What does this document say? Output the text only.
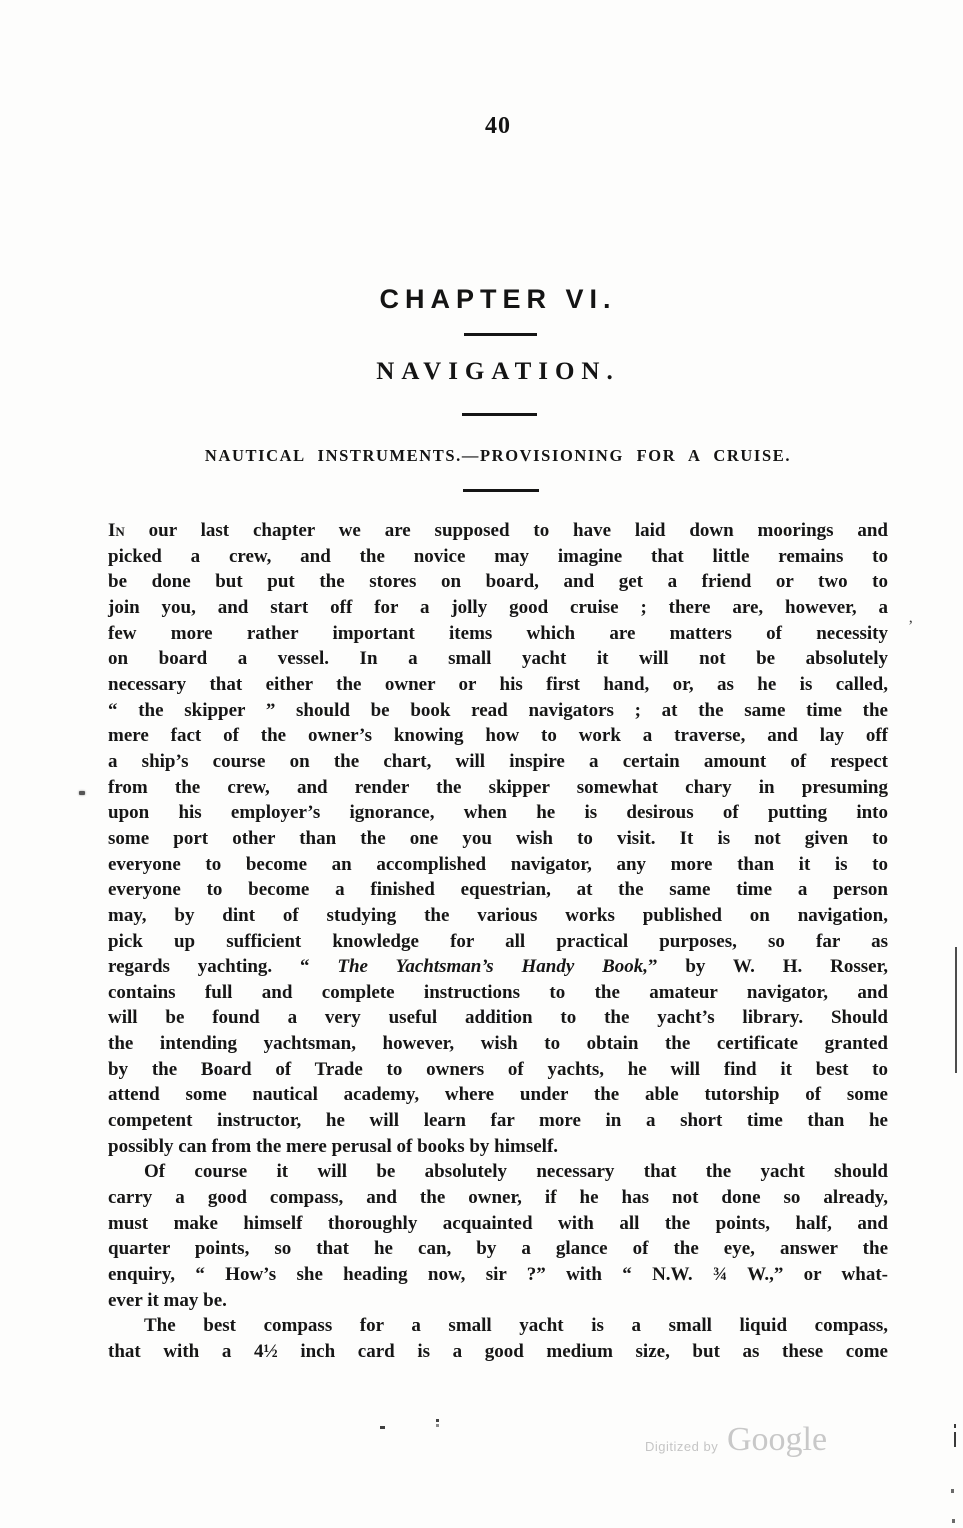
40
CHAPTER VI.
NAVIGATION.
NAUTICAL INSTRUMENTS.—PROVISIONING FOR A CRUISE.
In our last chapter we are supposed to have laid down moorings and
picked a crew, and the novice may imagine that little remains to
be done but put the stores on board, and get a friend or two to
join you, and start off for a jolly good cruise ; there are, however, a
few more rather important items which are matters of necessity
on board a vessel. In a small yacht it will not be absolutely
necessary that either the owner or his first hand, or, as he is called,
“ the skipper ” should be book read navigators ; at the same time the
mere fact of the owner’s knowing how to work a traverse, and lay off
a ship’s course on the chart, will inspire a certain amount of respect
from the crew, and render the skipper somewhat chary in presuming
upon his employer’s ignorance, when he is desirous of putting into
some port other than the one you wish to visit. It is not given to
everyone to become an accomplished navigator, any more than it is to
everyone to become a finished equestrian, at the same time a person
may, by dint of studying the various works published on navigation,
pick up sufficient knowledge for all practical purposes, so far as
regards yachting. “ The Yachtsman’s Handy Book,” by W. H. Rosser,
contains full and complete instructions to the amateur navigator, and
will be found a very useful addition to the yacht’s library. Should
the intending yachtsman, however, wish to obtain the certificate granted
by the Board of Trade to owners of yachts, he will find it best to
attend some nautical academy, where under the able tutorship of some
competent instructor, he will learn far more in a short time than he
possibly can from the mere perusal of books by himself.
Of course it will be absolutely necessary that the yacht should
carry a good compass, and the owner, if he has not done so already,
must make himself thoroughly acquainted with all the points, half, and
quarter points, so that he can, by a glance of the eye, answer the
enquiry, “ How’s she heading now, sir ?” with “ N.W. ¾ W.,” or what-
ever it may be.
The best compass for a small yacht is a small liquid compass,
that with a 4½ inch card is a good medium size, but as these come
Digitized by Google
’
